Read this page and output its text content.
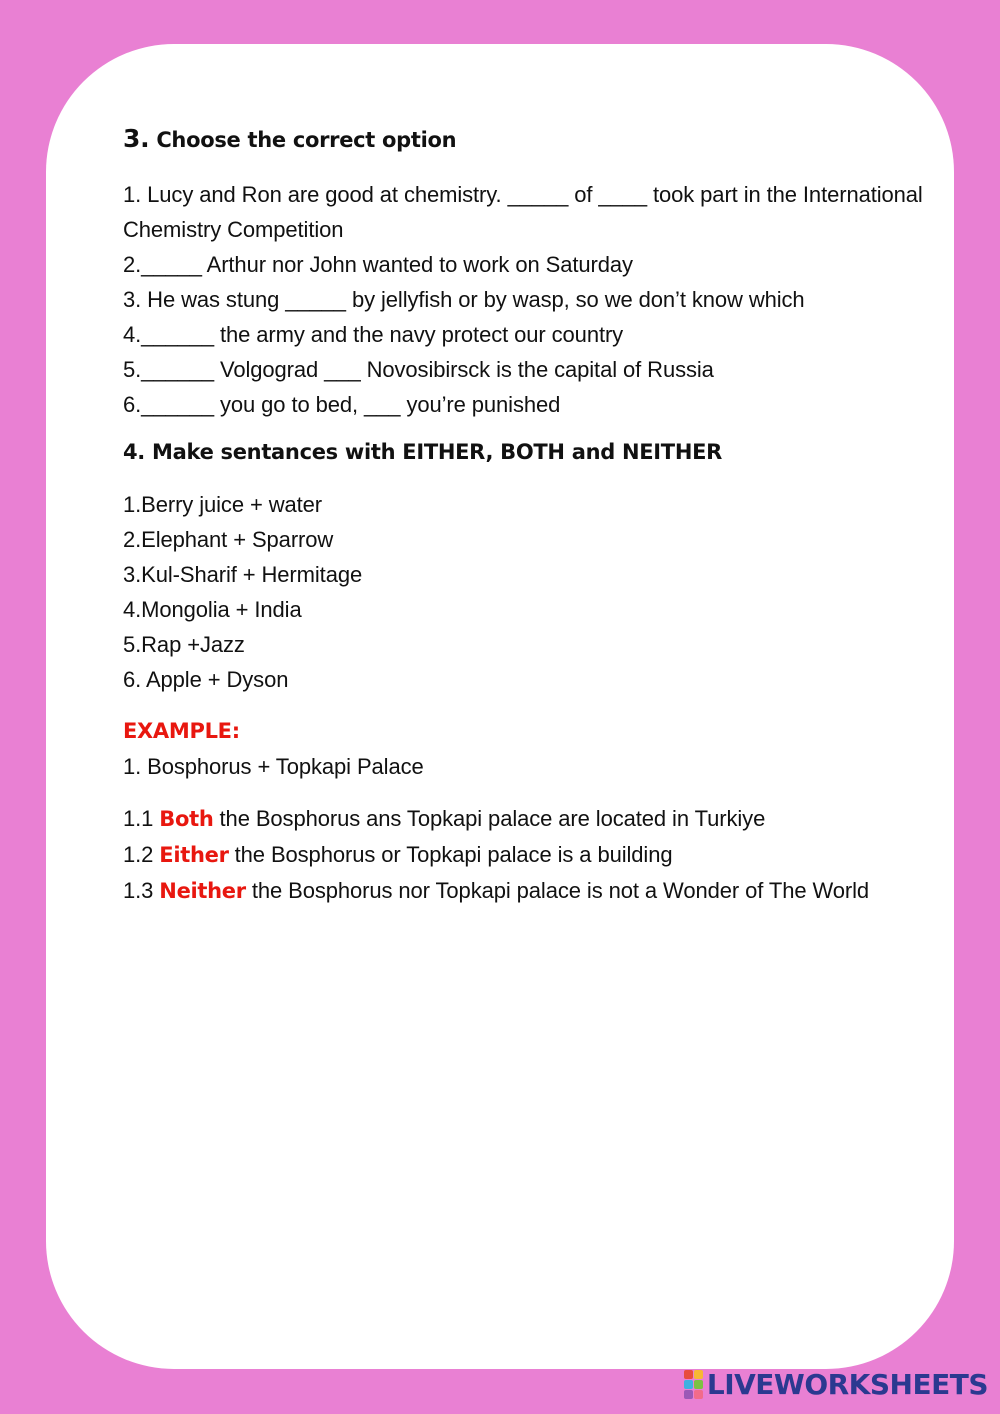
3. Choose the correct option
1. Lucy and Ron are good at chemistry. _____ of ____ took part in the International Chemistry Competition
2._____ Arthur nor John wanted to work on Saturday
3. He was stung _____ by jellyfish or by wasp, so we don’t know which
4.______ the army and the navy protect our country
5.______ Volgograd ___ Novosibirsck is the capital of Russia
6.______ you go to bed, ___ you’re punished
4. Make sentances with EITHER, BOTH and NEITHER
1.Berry juice + water
2.Elephant + Sparrow
3.Kul-Sharif + Hermitage
4.Mongolia + India
5.Rap +Jazz
6. Apple + Dyson
EXAMPLE:
1. Bosphorus + Topkapi Palace
1.1 Both the Bosphorus ans Topkapi palace are located in Turkiye
1.2 Either the Bosphorus or Topkapi palace is a building
1.3 Neither the Bosphorus nor Topkapi palace is not a Wonder of The World
LIVEWORKSHEETS
